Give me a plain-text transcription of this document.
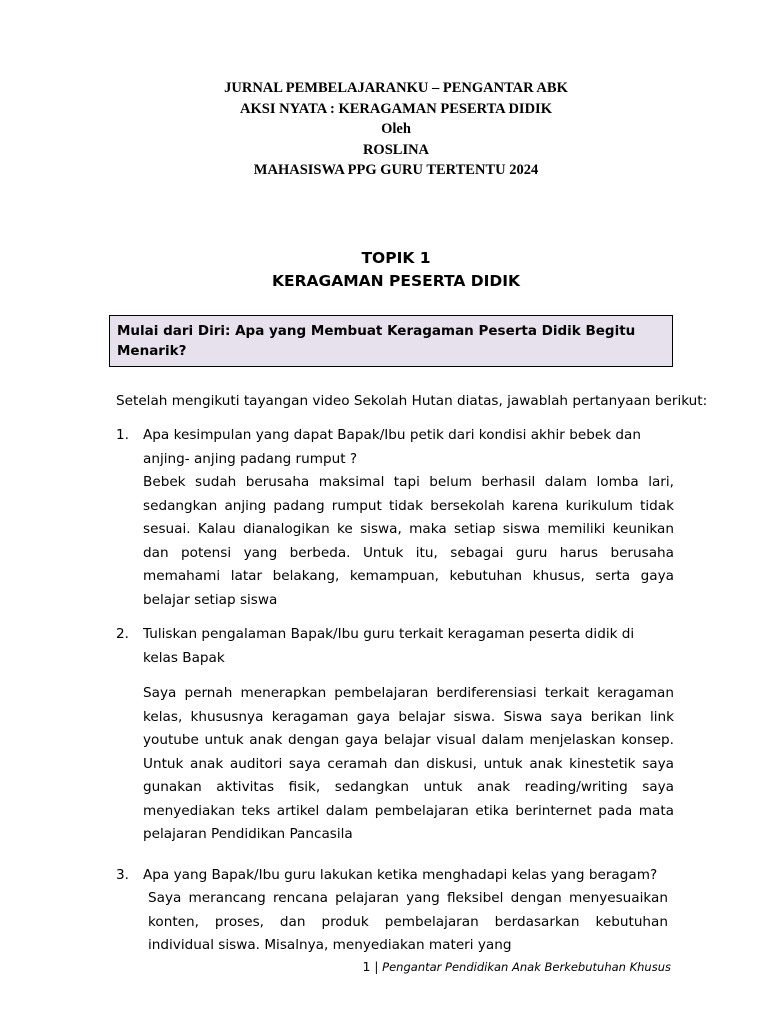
JURNAL PEMBELAJARANKU – PENGANTAR ABK
AKSI NYATA : KERAGAMAN PESERTA DIDIK
Oleh
ROSLINA
MAHASISWA PPG GURU TERTENTU 2024
TOPIK 1
KERAGAMAN PESERTA DIDIK
Mulai dari Diri: Apa yang Membuat Keragaman Peserta Didik Begitu Menarik?
Setelah mengikuti tayangan video Sekolah Hutan diatas, jawablah pertanyaan berikut:
1. Apa kesimpulan yang dapat Bapak/Ibu petik dari kondisi akhir bebek dan anjing- anjing padang rumput ?
Bebek sudah berusaha maksimal tapi belum berhasil dalam lomba lari, sedangkan anjing padang rumput tidak bersekolah karena kurikulum tidak sesuai. Kalau dianalogikan ke siswa, maka setiap siswa memiliki keunikan dan potensi yang berbeda. Untuk itu, sebagai guru harus berusaha memahami latar belakang, kemampuan, kebutuhan khusus, serta gaya belajar setiap siswa
2. Tuliskan pengalaman Bapak/Ibu guru terkait keragaman peserta didik di kelas Bapak
Saya pernah menerapkan pembelajaran berdiferensiasi terkait keragaman kelas, khususnya keragaman gaya belajar siswa. Siswa saya berikan link youtube untuk anak dengan gaya belajar visual dalam menjelaskan konsep. Untuk anak auditori saya ceramah dan diskusi, untuk anak kinestetik saya gunakan aktivitas fisik, sedangkan untuk anak reading/writing saya menyediakan teks artikel dalam pembelajaran etika berinternet pada mata pelajaran Pendidikan Pancasila
3. Apa yang Bapak/Ibu guru lakukan ketika menghadapi kelas yang beragam?
Saya merancang rencana pelajaran yang fleksibel dengan menyesuaikan konten, proses, dan produk pembelajaran berdasarkan kebutuhan individual siswa. Misalnya, menyediakan materi yang
1 | Pengantar Pendidikan Anak Berkebutuhan Khusus
